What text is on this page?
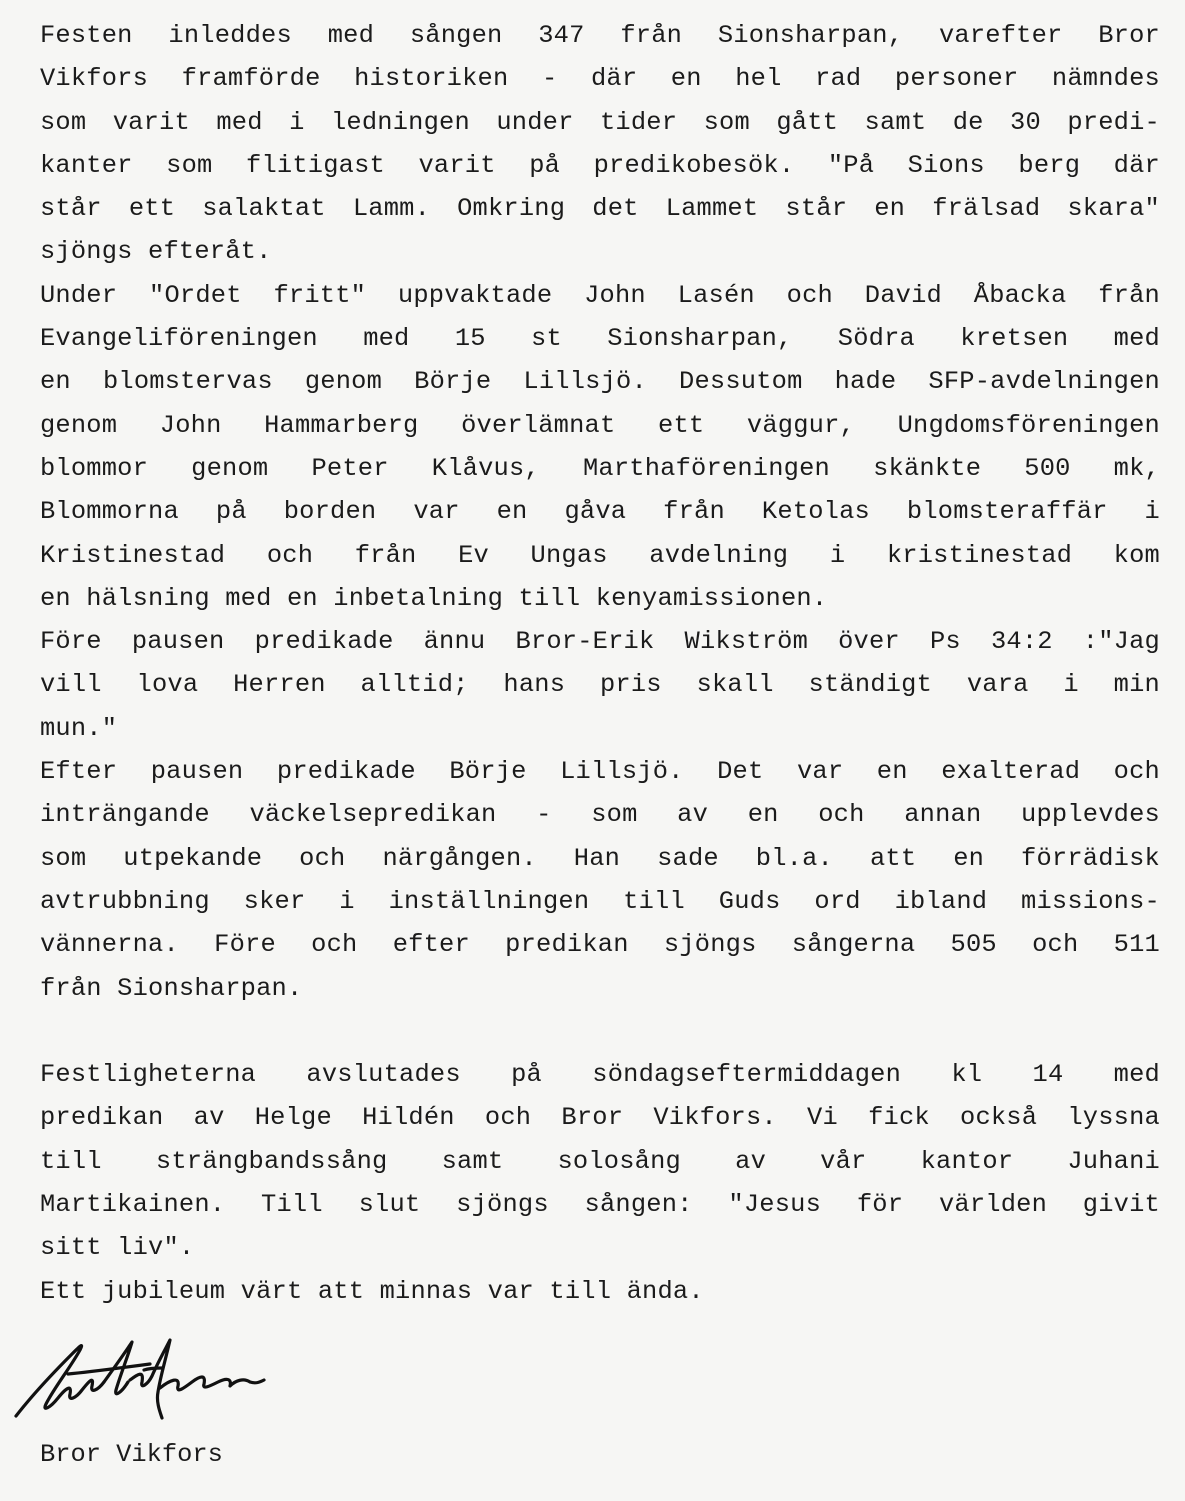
Festen inleddes med sången 347 från Sionsharpan, varefter Bror
Vikfors framförde historiken - där en hel rad personer nämndes
som varit med i ledningen under tider som gått samt de 30 predi-
kanter som flitigast varit på predikobesök. "På Sions berg där
står ett salaktat Lamm. Omkring det Lammet står en frälsad skara"
sjöngs efteråt.
Under "Ordet fritt" uppvaktade John Lasén och David Åbacka från
Evangeliföreningen med 15 st Sionsharpan, Södra kretsen med
en blomstervas genom Börje Lillsjö. Dessutom hade SFP-avdelningen
genom John Hammarberg överlämnat ett väggur, Ungdomsföreningen
blommor genom Peter Klåvus, Marthaföreningen skänkte 500 mk,
Blommorna på borden var en gåva från Ketolas blomsteraffär i
Kristinestad och från Ev Ungas avdelning i kristinestad kom
en hälsning med en inbetalning till kenyamissionen.
Före pausen predikade ännu Bror-Erik Wikström över Ps 34:2 :"Jag
vill lova Herren alltid; hans pris skall ständigt vara i min
mun."
Efter pausen predikade Börje Lillsjö. Det var en exalterad och
inträngande väckelsepredikan - som av en och annan upplevdes
som utpekande och närgången. Han sade bl.a. att en förrädisk
avtrubbning sker i inställningen till Guds ord ibland missions-
vännerna. Före och efter predikan sjöngs sångerna 505 och 511
från Sionsharpan.
Festligheterna avslutades på söndagseftermiddagen kl 14 med
predikan av Helge Hildén och Bror Vikfors. Vi fick också lyssna
till strängbandssång samt solosång av vår kantor Juhani
Martikainen. Till slut sjöngs sången: "Jesus för världen givit
sitt liv".
Ett jubileum värt att minnas var till ända.
Bror Vikfors
